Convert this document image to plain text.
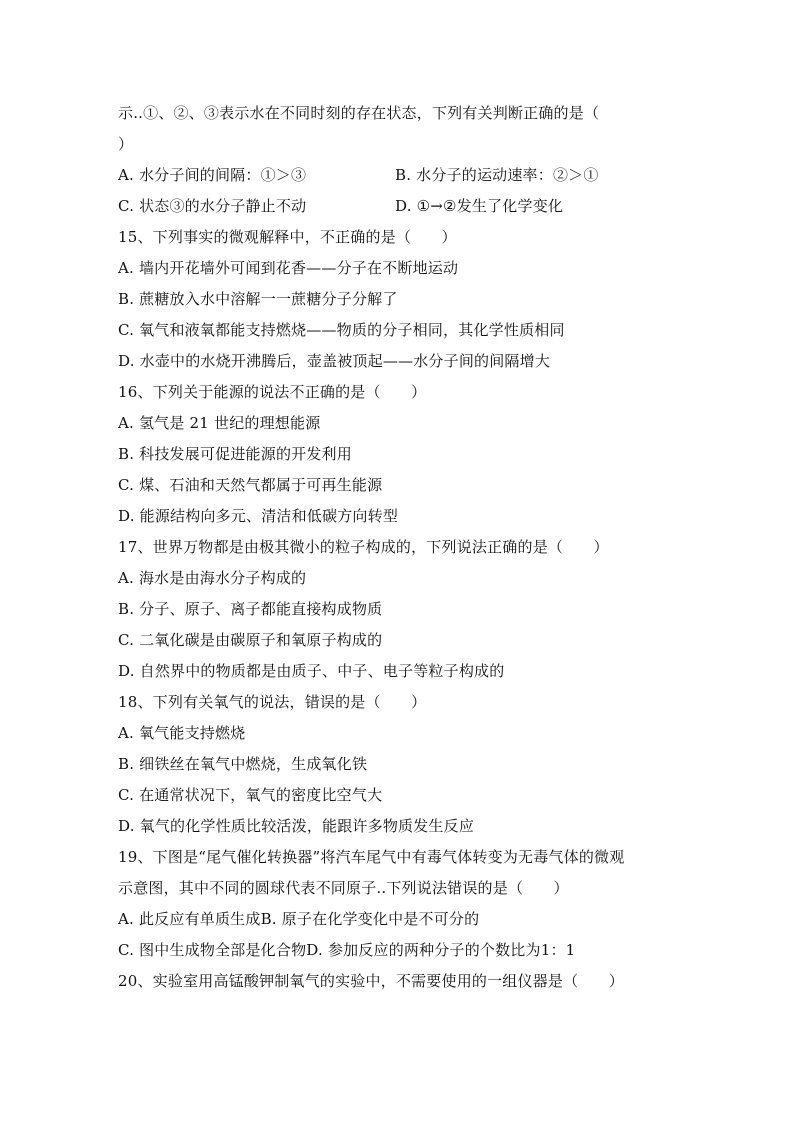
示..①、②、③表示水在不同时刻的存在状态，下列有关判断正确的是（
）
A. 水分子间的间隔：①＞③	B. 水分子的运动速率：②＞①
C. 状态③的水分子静止不动	D. ①→②发生了化学变化
15、下列事实的微观解释中，不正确的是（　　）
A. 墙内开花墙外可闻到花香——分子在不断地运动
B. 蔗糖放入水中溶解一一蔗糖分子分解了
C. 氧气和液氧都能支持燃烧——物质的分子相同，其化学性质相同
D. 水壶中的水烧开沸腾后，壶盖被顶起——水分子间的间隔增大
16、下列关于能源的说法不正确的是（　　）
A. 氢气是 21 世纪的理想能源
B. 科技发展可促进能源的开发利用
C. 煤、石油和天然气都属于可再生能源
D. 能源结构向多元、清洁和低碳方向转型
17、世界万物都是由极其微小的粒子构成的，下列说法正确的是（　　）
A. 海水是由海水分子构成的
B. 分子、原子、离子都能直接构成物质
C. 二氧化碳是由碳原子和氧原子构成的
D. 自然界中的物质都是由质子、中子、电子等粒子构成的
18、下列有关氧气的说法，错误的是（　　）
A. 氧气能支持燃烧
B. 细铁丝在氧气中燃烧，生成氧化铁
C. 在通常状况下，氧气的密度比空气大
D. 氧气的化学性质比较活泼，能跟许多物质发生反应
19、下图是“尾气催化转换器”将汽车尾气中有毒气体转变为无毒气体的微观
示意图，其中不同的圆球代表不同原子..下列说法错误的是（　　）
A. 此反应有单质生成B. 原子在化学变化中是不可分的
C. 图中生成物全部是化合物D. 参加反应的两种分子的个数比为1：1
20、实验室用高锰酸钾制氧气的实验中，不需要使用的一组仪器是（　　）
